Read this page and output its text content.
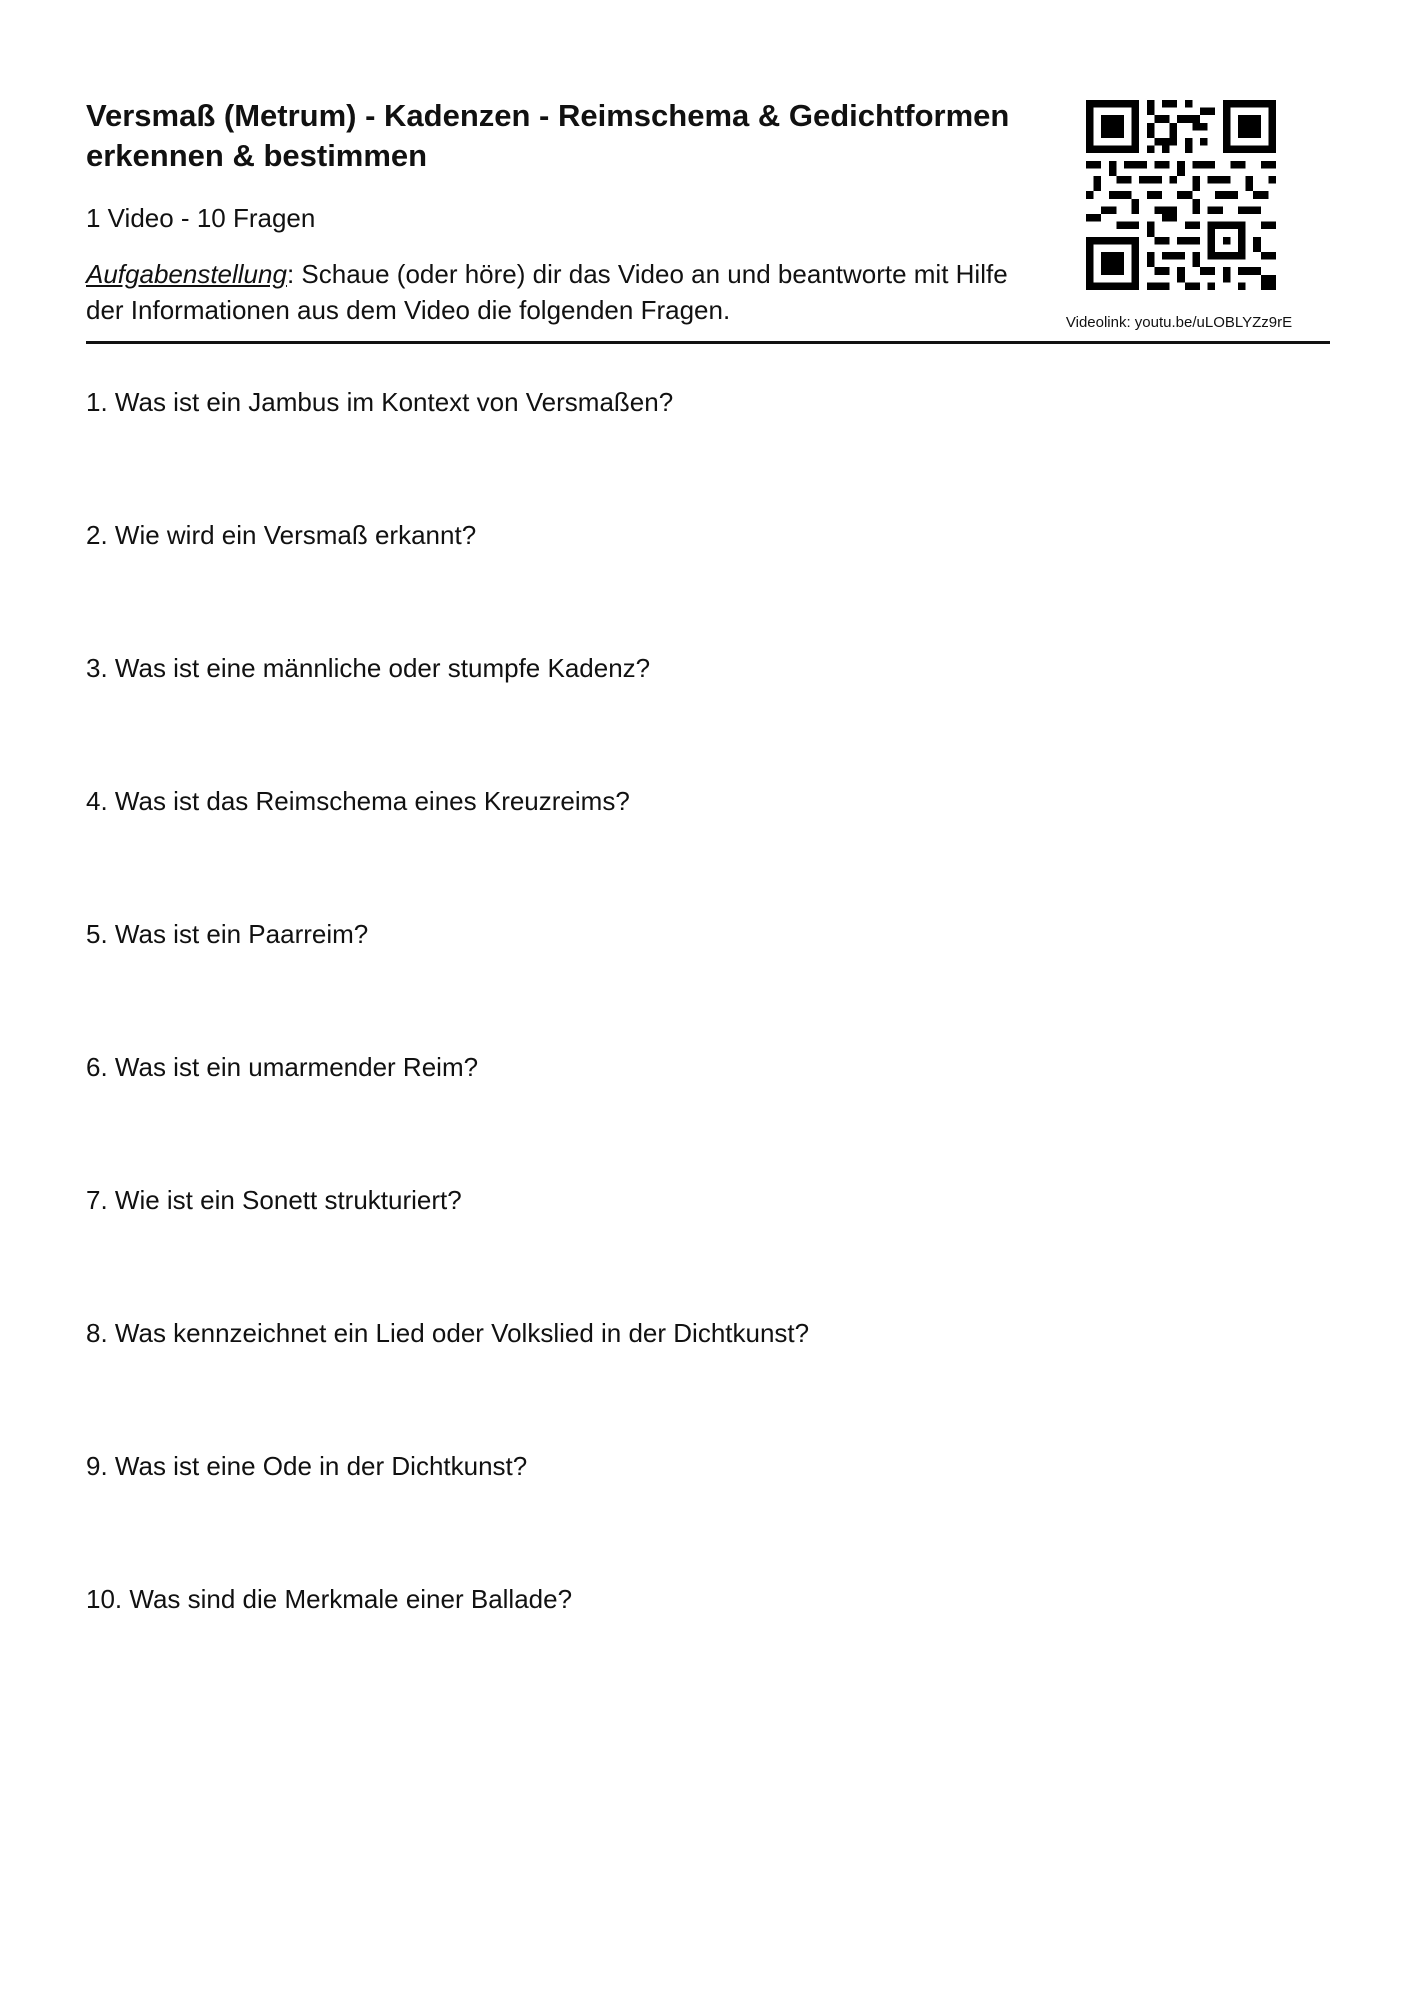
Versmaß (Metrum) - Kadenzen - Reimschema & Gedichtformen erkennen & bestimmen
1 Video - 10 Fragen
Aufgabenstellung: Schaue (oder höre) dir das Video an und beantworte mit Hilfe der Informationen aus dem Video die folgenden Fragen.	Videolink: youtu.be/uLOBLYZz9rE
1. Was ist ein Jambus im Kontext von Versmaßen?
2. Wie wird ein Versmaß erkannt?
3. Was ist eine männliche oder stumpfe Kadenz?
4. Was ist das Reimschema eines Kreuzreims?
5. Was ist ein Paarreim?
6. Was ist ein umarmender Reim?
7. Wie ist ein Sonett strukturiert?
8. Was kennzeichnet ein Lied oder Volkslied in der Dichtkunst?
9. Was ist eine Ode in der Dichtkunst?
10. Was sind die Merkmale einer Ballade?
